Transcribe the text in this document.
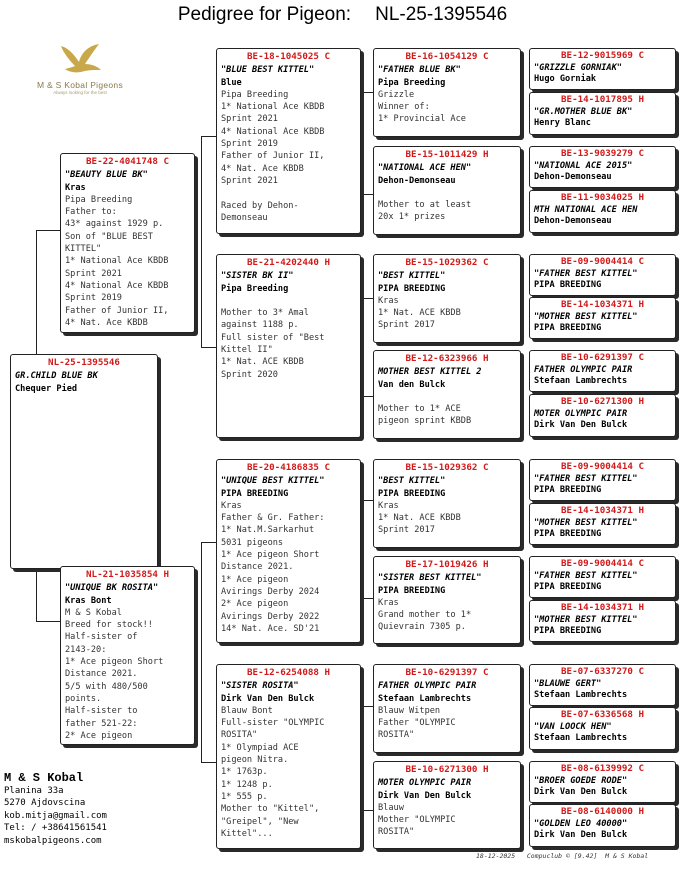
Pedigree for Pigeon: NL-25-1395546
M & S Kobal Pigeons
Always looking for the best
NL-25-1395546
GR.CHILD BLUE BK
Chequer Pied
BE-22-4041748 C
"BEAUTY BLUE BK"
Kras
Pipa Breeding
Father to:
43* against 1929 p.
Son of "BLUE BEST
KITTEL"
1* National Ace KBDB
Sprint 2021
4* National Ace KBDB
Sprint 2019
Father of Junior II,
4* Nat. Ace KBDB
NL-21-1035854 H
"UNIQUE BK ROSITA"
Kras Bont
M & S Kobal
Breed for stock!!
Half-sister of
2143-20:
1* Ace pigeon Short
Distance 2021.
5/5 with 480/500
points.
Half-sister to
father 521-22:
2* Ace pigeon
BE-18-1045025 C
"BLUE BEST KITTEL"
Blue
Pipa Breeding
1* National Ace KBDB
Sprint 2021
4* National Ace KBDB
Sprint 2019
Father of Junior II,
4* Nat. Ace KBDB
Sprint 2021

Raced by Dehon-
Demonseau
BE-21-4202440 H
"SISTER BK II"
Pipa Breeding

Mother to 3* Amal
against 1188 p.
Full sister of "Best
Kittel II"
1* Nat. ACE KBDB
Sprint 2020
BE-20-4186835 C
"UNIQUE BEST KITTEL"
PIPA BREEDING
Kras
Father & Gr. Father:
1* Nat.M.Sarkarhut
5031 pigeons
1* Ace pigeon Short
Distance 2021.
1* Ace pigeon
Avirings Derby 2024
2* Ace pigeon
Avirings Derby 2022
14* Nat. Ace. SD'21
BE-12-6254088 H
"SISTER ROSITA"
Dirk Van Den Bulck
Blauw Bont
Full-sister "OLYMPIC
ROSITA"
1* Olympiad ACE
pigeon Nitra.
1* 1763p.
1* 1248 p.
1* 555 p.
Mother to "Kittel",
"Greipel", "New
Kittel"...
BE-16-1054129 C
"FATHER BLUE BK"
Pipa Breeding
Grizzle
Winner of:
1* Provincial Ace
BE-15-1011429 H
"NATIONAL ACE HEN"
Dehon-Demonseau

Mother to at least
20x 1* prizes
BE-15-1029362 C
"BEST KITTEL"
PIPA BREEDING
Kras
1* Nat. ACE KBDB
Sprint 2017
BE-12-6323966 H
MOTHER BEST KITTEL 2
Van den Bulck

Mother to 1* ACE
pigeon sprint KBDB
BE-15-1029362 C
"BEST KITTEL"
PIPA BREEDING
Kras
1* Nat. ACE KBDB
Sprint 2017
BE-17-1019426 H
"SISTER BEST KITTEL"
PIPA BREEDING
Kras
Grand mother to 1*
Quievrain 7305 p.
BE-10-6291397 C
FATHER OLYMPIC PAIR
Stefaan Lambrechts
Blauw Witpen
Father "OLYMPIC
ROSITA"
BE-10-6271300 H
MOTER OLYMPIC PAIR
Dirk Van Den Bulck
Blauw
Mother "OLYMPIC
ROSITA"
BE-12-9015969 C
"GRIZZLE GORNIAK"
Hugo Gorniak
BE-14-1017895 H
"GR.MOTHER BLUE BK"
Henry Blanc
BE-13-9039279 C
"NATIONAL ACE 2015"
Dehon-Demonseau
BE-11-9034025 H
MTH NATIONAL ACE HEN
Dehon-Demonseau
BE-09-9004414 C
"FATHER BEST KITTEL"
PIPA BREEDING
BE-14-1034371 H
"MOTHER BEST KITTEL"
PIPA BREEDING
BE-10-6291397 C
FATHER OLYMPIC PAIR
Stefaan Lambrechts
BE-10-6271300 H
MOTER OLYMPIC PAIR
Dirk Van Den Bulck
BE-09-9004414 C
"FATHER BEST KITTEL"
PIPA BREEDING
BE-14-1034371 H
"MOTHER BEST KITTEL"
PIPA BREEDING
BE-09-9004414 C
"FATHER BEST KITTEL"
PIPA BREEDING
BE-14-1034371 H
"MOTHER BEST KITTEL"
PIPA BREEDING
BE-07-6337270 C
"BLAUWE GERT"
Stefaan Lambrechts
BE-07-6336568 H
"VAN LOOCK HEN"
Stefaan Lambrechts
BE-08-6139992 C
"BROER GOEDE RODE"
Dirk Van Den Bulck
BE-08-6140000 H
"GOLDEN LEO 40000"
Dirk Van Den Bulck
M & S Kobal
Planina 33a
5270 Ajdovscina
kob.mitja@gmail.com
Tel: / +38641561541
mskobalpigeons.com
18-12-2025   Compuclub © [9.42]  M & S Kobal
